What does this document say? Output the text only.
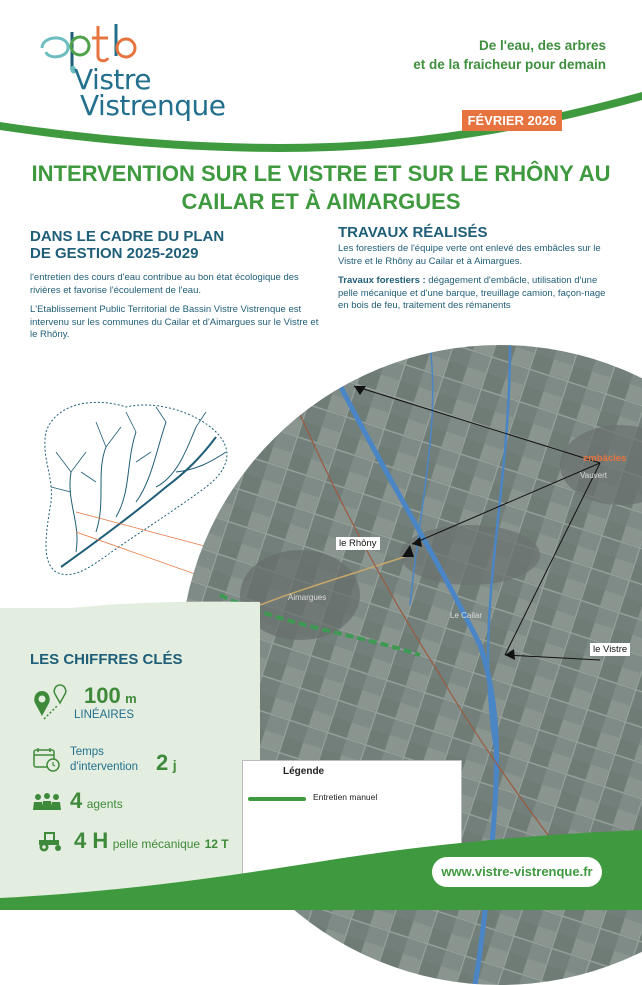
Vistre
Vistrenque
De l'eau, des arbres
et de la fraicheur pour demain
FÉVRIER 2026
INTERVENTION SUR LE VISTRE ET SUR LE RHÔNY AU
CAILAR ET À AIMARGUES
DANS LE CADRE DU PLAN
DE GESTION 2025-2029

l'entretien des cours d'eau contribue au bon état écologique des rivières et favorise l'écoulement de l'eau.

L'Etablissement Public Territorial de Bassin Vistre Vistrenque est intervenu sur les communes du Cailar et d'Aimargues sur le Vistre et le Rhôny.

TRAVAUX RÉALISÉS

Les forestiers de l'équipe verte ont enlevé des embâcles sur le Vistre et le Rhôny au Cailar et à Aimargues.

Travaux forestiers : dégagement d'embâcle, utilisation d'une pelle mécanique et d'une barque, treuillage camion, façon-nage en bois de feu, traitement des rémanents

embâcles
le Rhôny
le Vistre
Aimargues
Le Cailar
Vauvert
LES CHIFFRES CLÉS
100 m
LINÉAIRES
Temps
d'intervention 2 j
4 agents
4 H pelle mécanique 12 T
Légende
Entretien manuel
www.vistre-vistrenque.fr
